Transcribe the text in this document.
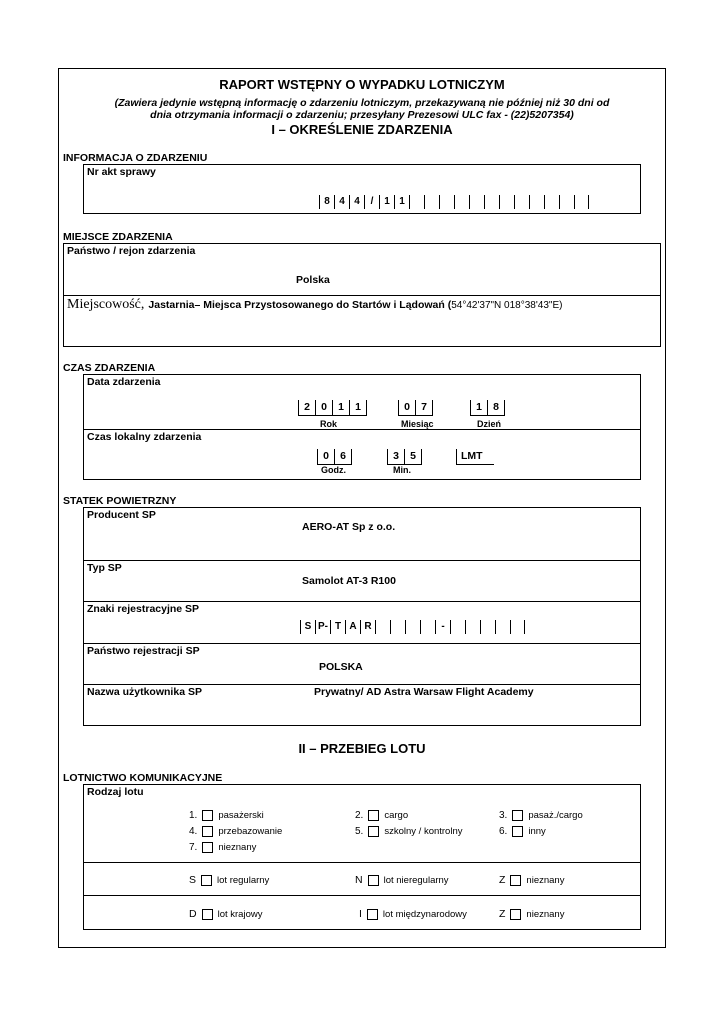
RAPORT WSTĘPNY O WYPADKU LOTNICZYM
(Zawiera jedynie wstępną informację o zdarzeniu lotniczym, przekazywaną nie później niż 30 dni od
dnia otrzymania informacji o zdarzeniu; przesyłany Prezesowi ULC fax - (22)5207354)
I – OKREŚLENIE ZDARZENIA
INFORMACJA O ZDARZENIU
Nr akt sprawy
8 4 4	/	1 1
MIEJSCE ZDARZENIA
Państwo / rejon zdarzenia
Polska
Miejscowość, Jastarnia– Miejsca Przystosowanego do Startów i Lądowań ( 54°42'37"N 018°38'43"E)
CZAS ZDARZENIA
Data zdarzenia
2	0	1	1	0	7	1	8
Rok	Miesiąc	Dzień
Czas lokalny zdarzenia
0	6	3	5	LMT
Godz.	Min.
STATEK POWIETRZNY
Producent SP
AERO-AT Sp z o.o.
Typ SP
Samolot AT-3 R100
Znaki rejestracyjne SP
S P- T A R	-
Państwo rejestracji SP
POLSKA
Nazwa użytkownika SP	Prywatny/ AD Astra Warsaw Flight Academy
II – PRZEBIEG LOTU
LOTNICTWO KOMUNIKACYJNE
Rodzaj lotu
1. pasażerski	2. cargo	3. pasaż./cargo
4. przebazowanie	5. szkolny / kontrolny	6. inny
7. nieznany
S lot regularny	N lot nieregularny	Z nieznany
D lot krajowy	I lot międzynarodowy	Z nieznany
